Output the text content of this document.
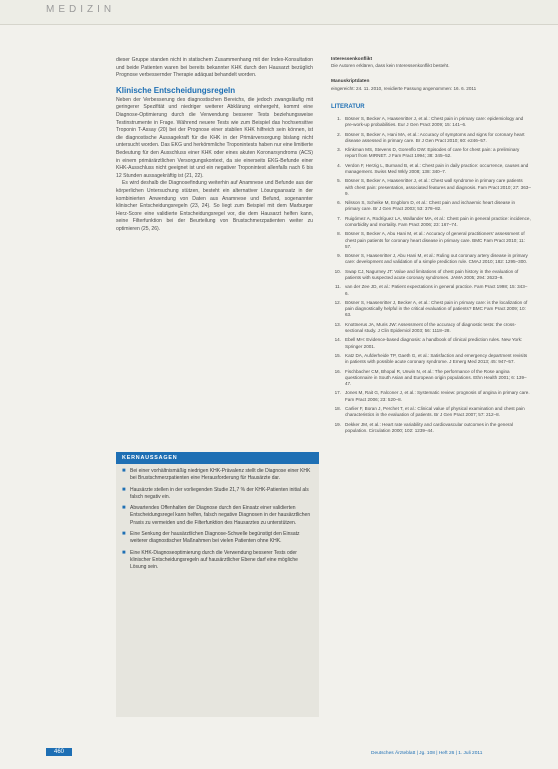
MEDIZIN

dieser Gruppe standen nicht in statischem Zusammenhang mit der Index-Konsultation und beide Patienten waren bei bereits bekannter KHK durch den Hausarzt bezüglich Prognose verbessernder Therapie adäquat behandelt worden.

Klinische Entscheidungsregeln

Neben der Verbesserung des diagnostischen Bereichs, die jedoch zwangsläufig mit geringerer Spezifität und niedriger weiterer Abklärung einhergeht, kommt eine Diagnose-Optimierung durch die Verwendung besserer Tests beziehungsweise Testinstrumente in Frage. Während neuere Tests wie zum Beispiel das hochsensitive Troponin T-Assay (20) bei der Prognose einer stabilen KHK hilfreich sein können, ist die diagnostische Aussagekraft für die KHK in der Primärversorgung bislang nicht untersucht worden. Das EKG und herkömmliche Troponintests haben nur eine limitierte Bedeutung für den Ausschluss einer KHK oder eines akuten Koronarsyndroms (ACS) in einem primärärztlichen Versorgungskontext, da sie einerseits EKG-Befunde einer KHK-Ausschluss nicht geeignet ist und ein negativer Troponintest allenfalls nach 6 bis 12 Stunden aussagekräftig ist (21, 22).

Es wird deshalb die Diagnosefindung weiterhin auf Anamnese und Befunde aus der körperlichen Untersuchung stützen, besteht ein alternativer Lösungsansatz in der kombinierten Anwendung von Daten aus Anamnese und Befund, sogenannter klinischer Entscheidungsregeln (23, 24). So liegt zum Beispiel mit dem Marburger Herz-Score eine validierte Entscheidungsregel vor, die dem Hausarzt helfen kann, seine Filterfunktion bei der Beurteilung von Brustschmerzpatienten weiter zu optimieren (25, 26).

Interessenkonflikt
Die Autoren erklären, dass kein Interessenkonflikt besteht.
Manuskriptdaten
eingereicht: 24. 11. 2010, revidierte Fassung angenommen: 16. 6. 2011
LITERATUR
1. Bösner S, Becker A, Haasenritter J, et al.: Chest pain in primary care: epidemiology and pre-work-up probabilities. Eur J Gen Pract 2009; 15: 141–6.
2. Bösner S, Becker A, Hani MA, et al.: Accuracy of symptoms and signs for coronary heart disease assessed in primary care. Br J Gen Pract 2010; 60: e246–57.
3. Klinkman MS, Stevens D, Gorenflo DW: Episodes of care for chest pain: a preliminary report from MIRNET. J Fam Pract 1994; 38: 345–52.
4. Verdon F, Herzig L, Burnand B, et al.: Chest pain in daily practice: occurrence, causes and management. Swiss Med Wkly 2008; 138: 340–7.
5. Bösner S, Becker A, Haasenritter J, et al.: Chest wall syndrome in primary care patients with chest pain: presentation, associated features and diagnosis. Fam Pract 2010; 27: 363–9.
6. Nilsson S, Scheike M, Engblom D, et al.: Chest pain and ischaemic heart disease in primary care. Br J Gen Pract 2003; 53: 378–82.
7. Ruigómez A, Rodríguez LA, Wallander MA, et al.: Chest pain in general practice: incidence, comorbidity and mortality. Fam Pract 2006; 23: 167–74.
8. Bösner S, Becker A, Abu Hani M, et al.: Accuracy of general practitioners' assessment of chest pain patients for coronary heart disease in primary care. BMC Fam Pract 2010; 11: 57.
9. Bösner S, Haasenritter J, Abu Hani M, et al.: Ruling out coronary artery disease in primary care: development and validation of a simple prediction rule. CMAJ 2010; 182: 1295–300.
10. Swap CJ, Nagurney JT: Value and limitations of chest pain history in the evaluation of patients with suspected acute coronary syndromes. JAMA 2005; 294: 2623–9.
11. van der Zee JD, et al.: Patient expectations in general practice. Fam Pract 1998; 15: 343–6.
12. Bösner S, Haasenritter J, Becker A, et al.: Chest pain in primary care: is the localization of pain diagnostically helpful in the critical evaluation of patients? BMC Fam Pract 2009; 10: 63.
13. Knottnerus JA, Muris JW: Assessment of the accuracy of diagnostic tests: the cross-sectional study. J Clin Epidemiol 2003; 56: 1118–28.
14. Ebell MH: Evidence-based diagnosis: a handbook of clinical prediction rules. New York: Springer 2001.
15. Katz DA, Aufderheide TP, Gaeth G, et al.: Satisfaction and emergency department revisits in patients with possible acute coronary syndrome. J Emerg Med 2013; 45: 947–57.
16. Fischbacher CM, Bhopal R, Unwin N, et al.: The performance of the Rose angina questionnaire in South Asian and European origin populations. Ethn Health 2001; 6: 139–47.
17. Jones M, Rait G, Falconer J, et al.: Systematic review: prognosis of angina in primary care. Fam Pract 2006; 23: 520–8.
18. Carlier F, Boran J, Perchet T, et al.: Clinical value of physical examination and chest pain characteristics in the evaluation of patients. Br J Gen Pract 2007; 57: 212–8.
19. Dekker JM, et al.: Heart rate variability and cardiovascular outcomes in the general population. Circulation 2000; 102: 1239–44.
KERNAUSSAGEN
■ Bei einer vorhältnismäßig niedrigen KHK-Prävalenz stellt die Diagnose einer KHK bei Brustschmerzpatienten eine Herausforderung für Hausärzte dar.
■ Hausärzte stellen in der vorliegenden Studie 21,7 % der KHK-Patienten initial als falsch negativ ein.
■ Abwartendes Offenhalten der Diagnose durch den Einsatz einer validierten Entscheidungsregel kann helfen, falsch negative Diagnosen in der hausärztlichen Praxis zu vermeiden und die Filterfunktion des Hausarztes zu unterstützen.
■ Eine Senkung der hausärztlichen Diagnose-Schwelle begünstigt den Einsatz weiterer diagnostischer Maßnahmen bei vielen Patienten ohne KHK.
■ Eine KHK-Diagnoseoptimierung durch die Verwendung besserer Tests oder klinischer Entscheidungsregeln auf hausärztlicher Ebene darf eine mögliche Lösung sein.
460	Deutsches Ärzteblatt | Jg. 108 | Heft 26 | 1. Juli 2011
